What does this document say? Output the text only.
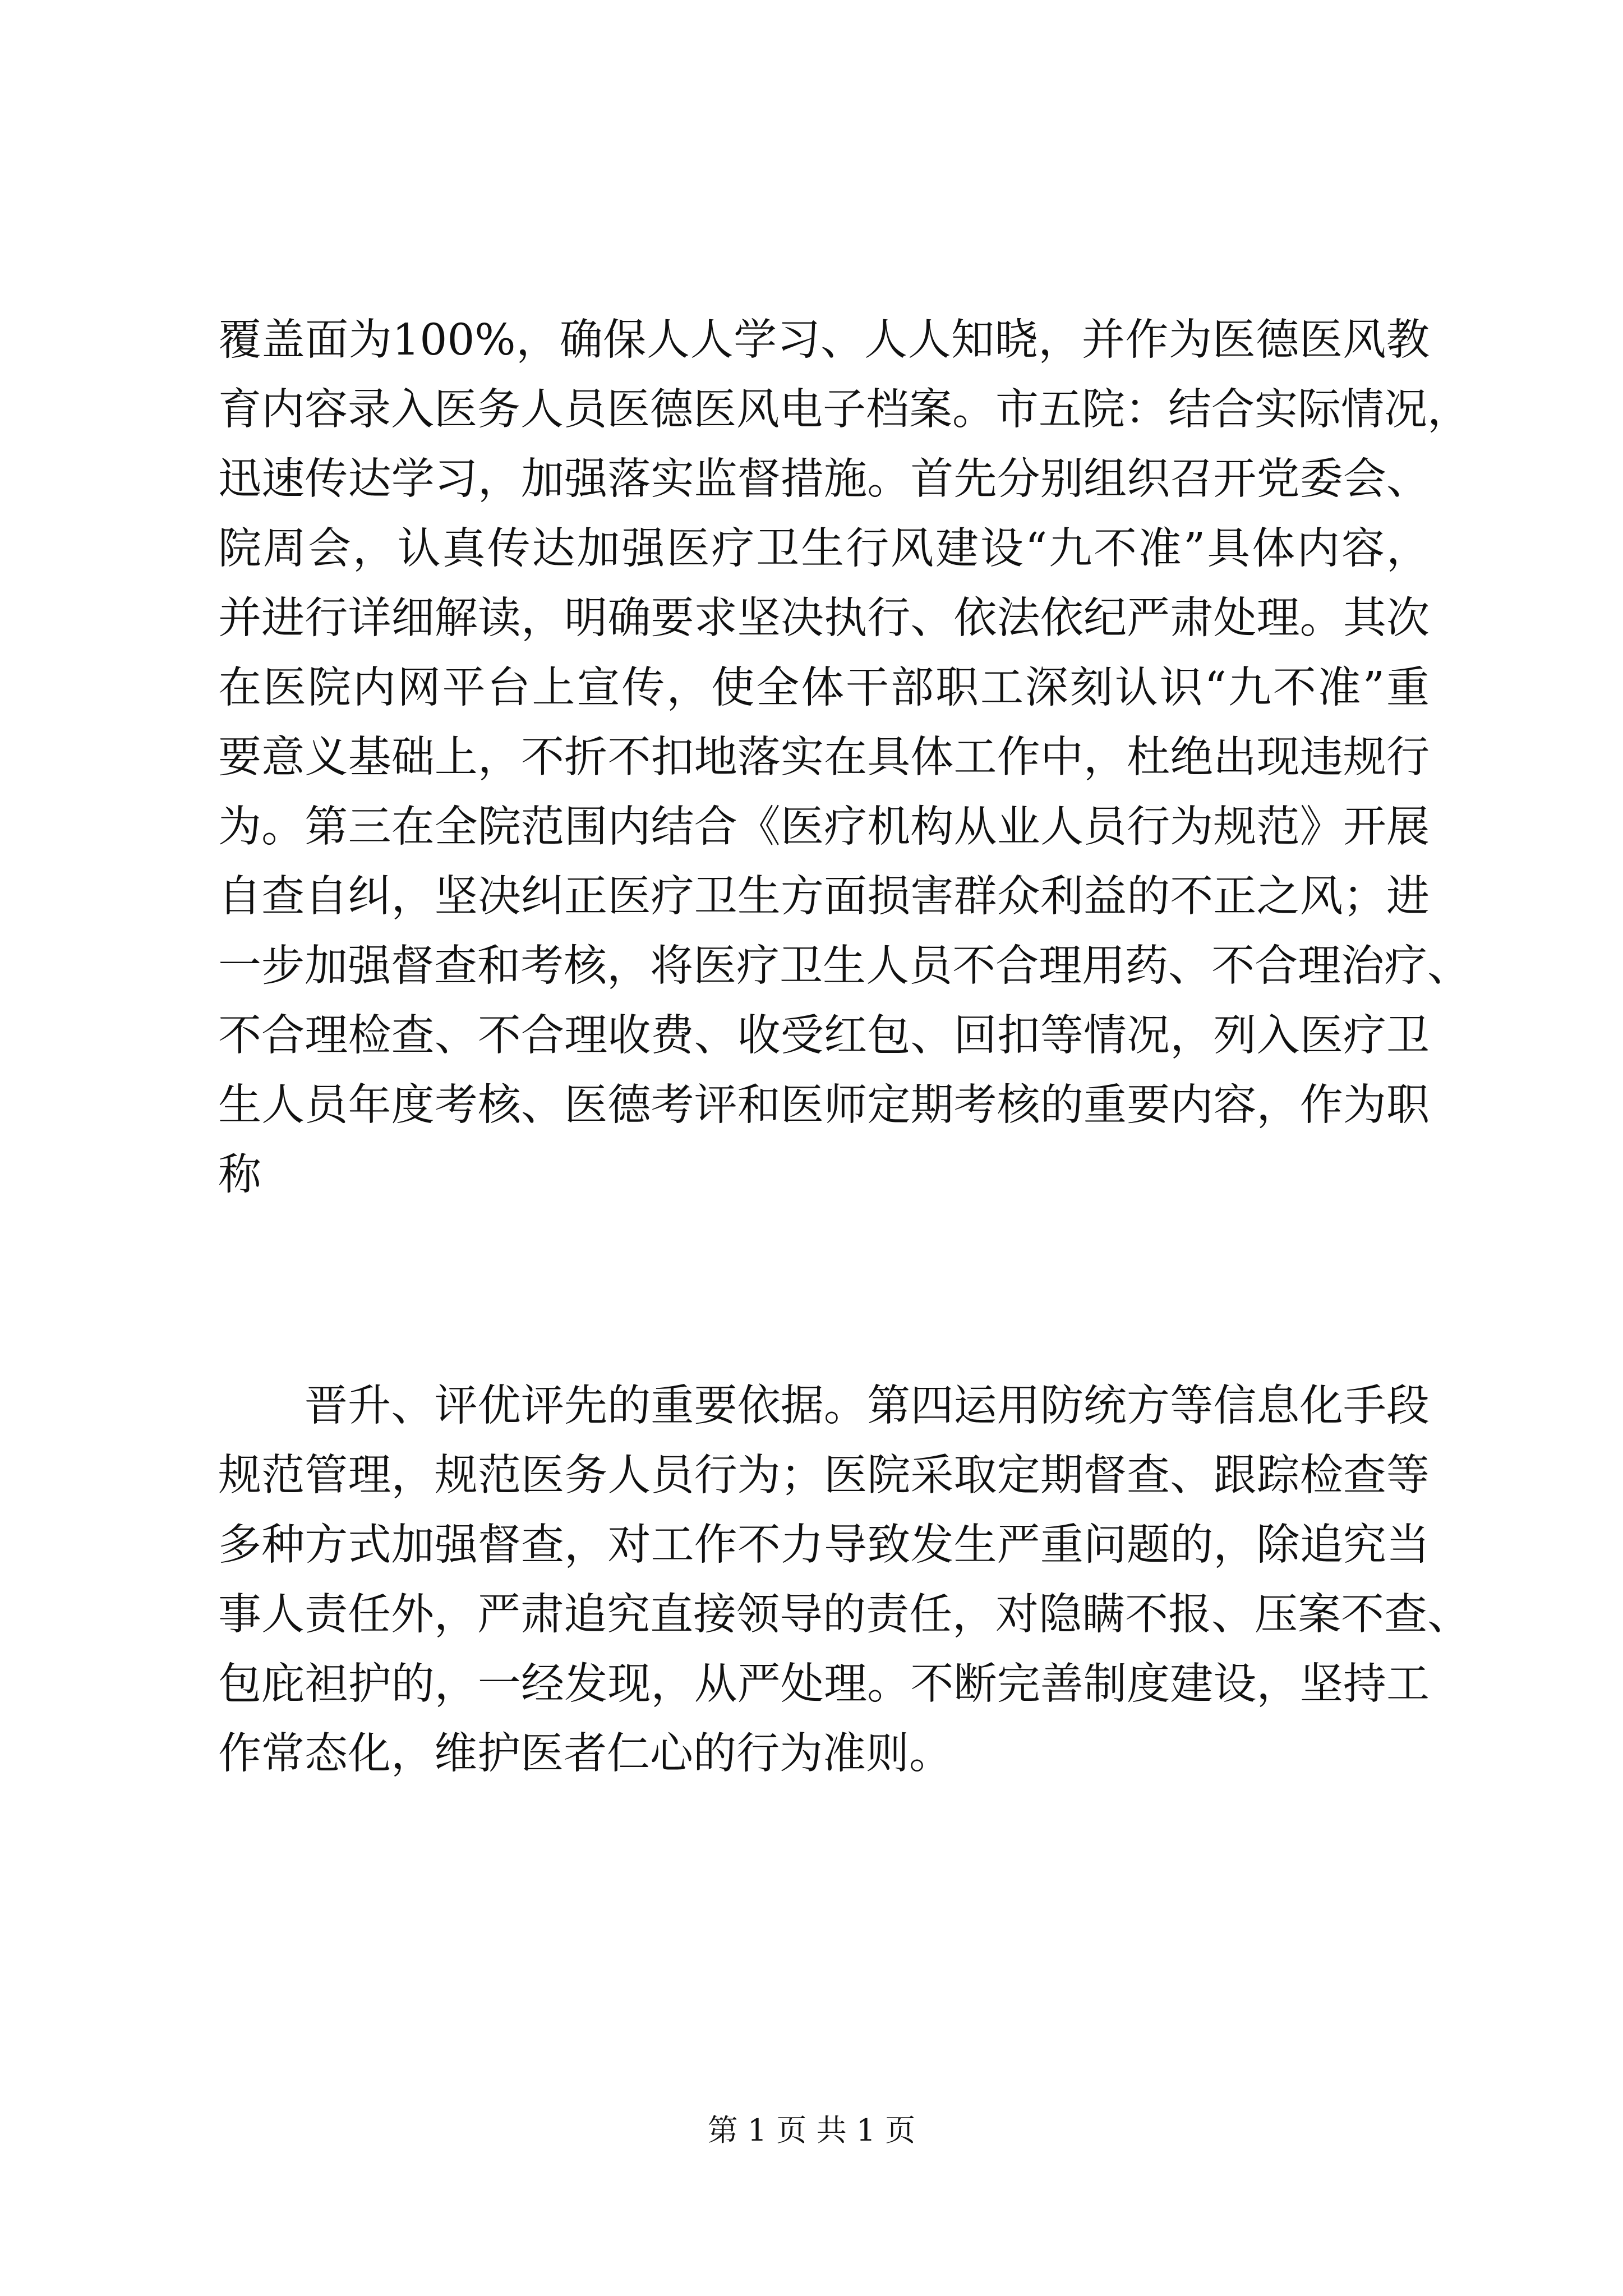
覆盖面为100%，确保人人学习、人人知晓，并作为医德医风教
育内容录入医务人员医德医风电子档案。市五院：结合实际情况，
迅速传达学习，加强落实监督措施。首先分别组织召开党委会、
院周会，认真传达加强医疗卫生行风建设“九不准”具体内容，
并进行详细解读，明确要求坚决执行、依法依纪严肃处理。其次
在医院内网平台上宣传，使全体干部职工深刻认识“九不准”重
要意义基础上，不折不扣地落实在具体工作中，杜绝出现违规行
为。第三在全院范围内结合《医疗机构从业人员行为规范》开展
自查自纠，坚决纠正医疗卫生方面损害群众利益的不正之风；进
一步加强督查和考核，将医疗卫生人员不合理用药、不合理治疗、
不合理检查、不合理收费、收受红包、回扣等情况，列入医疗卫
生人员年度考核、医德考评和医师定期考核的重要内容，作为职
称
晋升、评优评先的重要依据。第四运用防统方等信息化手段
规范管理，规范医务人员行为；医院采取定期督查、跟踪检查等
多种方式加强督查，对工作不力导致发生严重问题的，除追究当
事人责任外，严肃追究直接领导的责任，对隐瞒不报、压案不查、
包庇袒护的，一经发现，从严处理。不断完善制度建设，坚持工
作常态化，维护医者仁心的行为准则。
第 1 页 共 1 页
